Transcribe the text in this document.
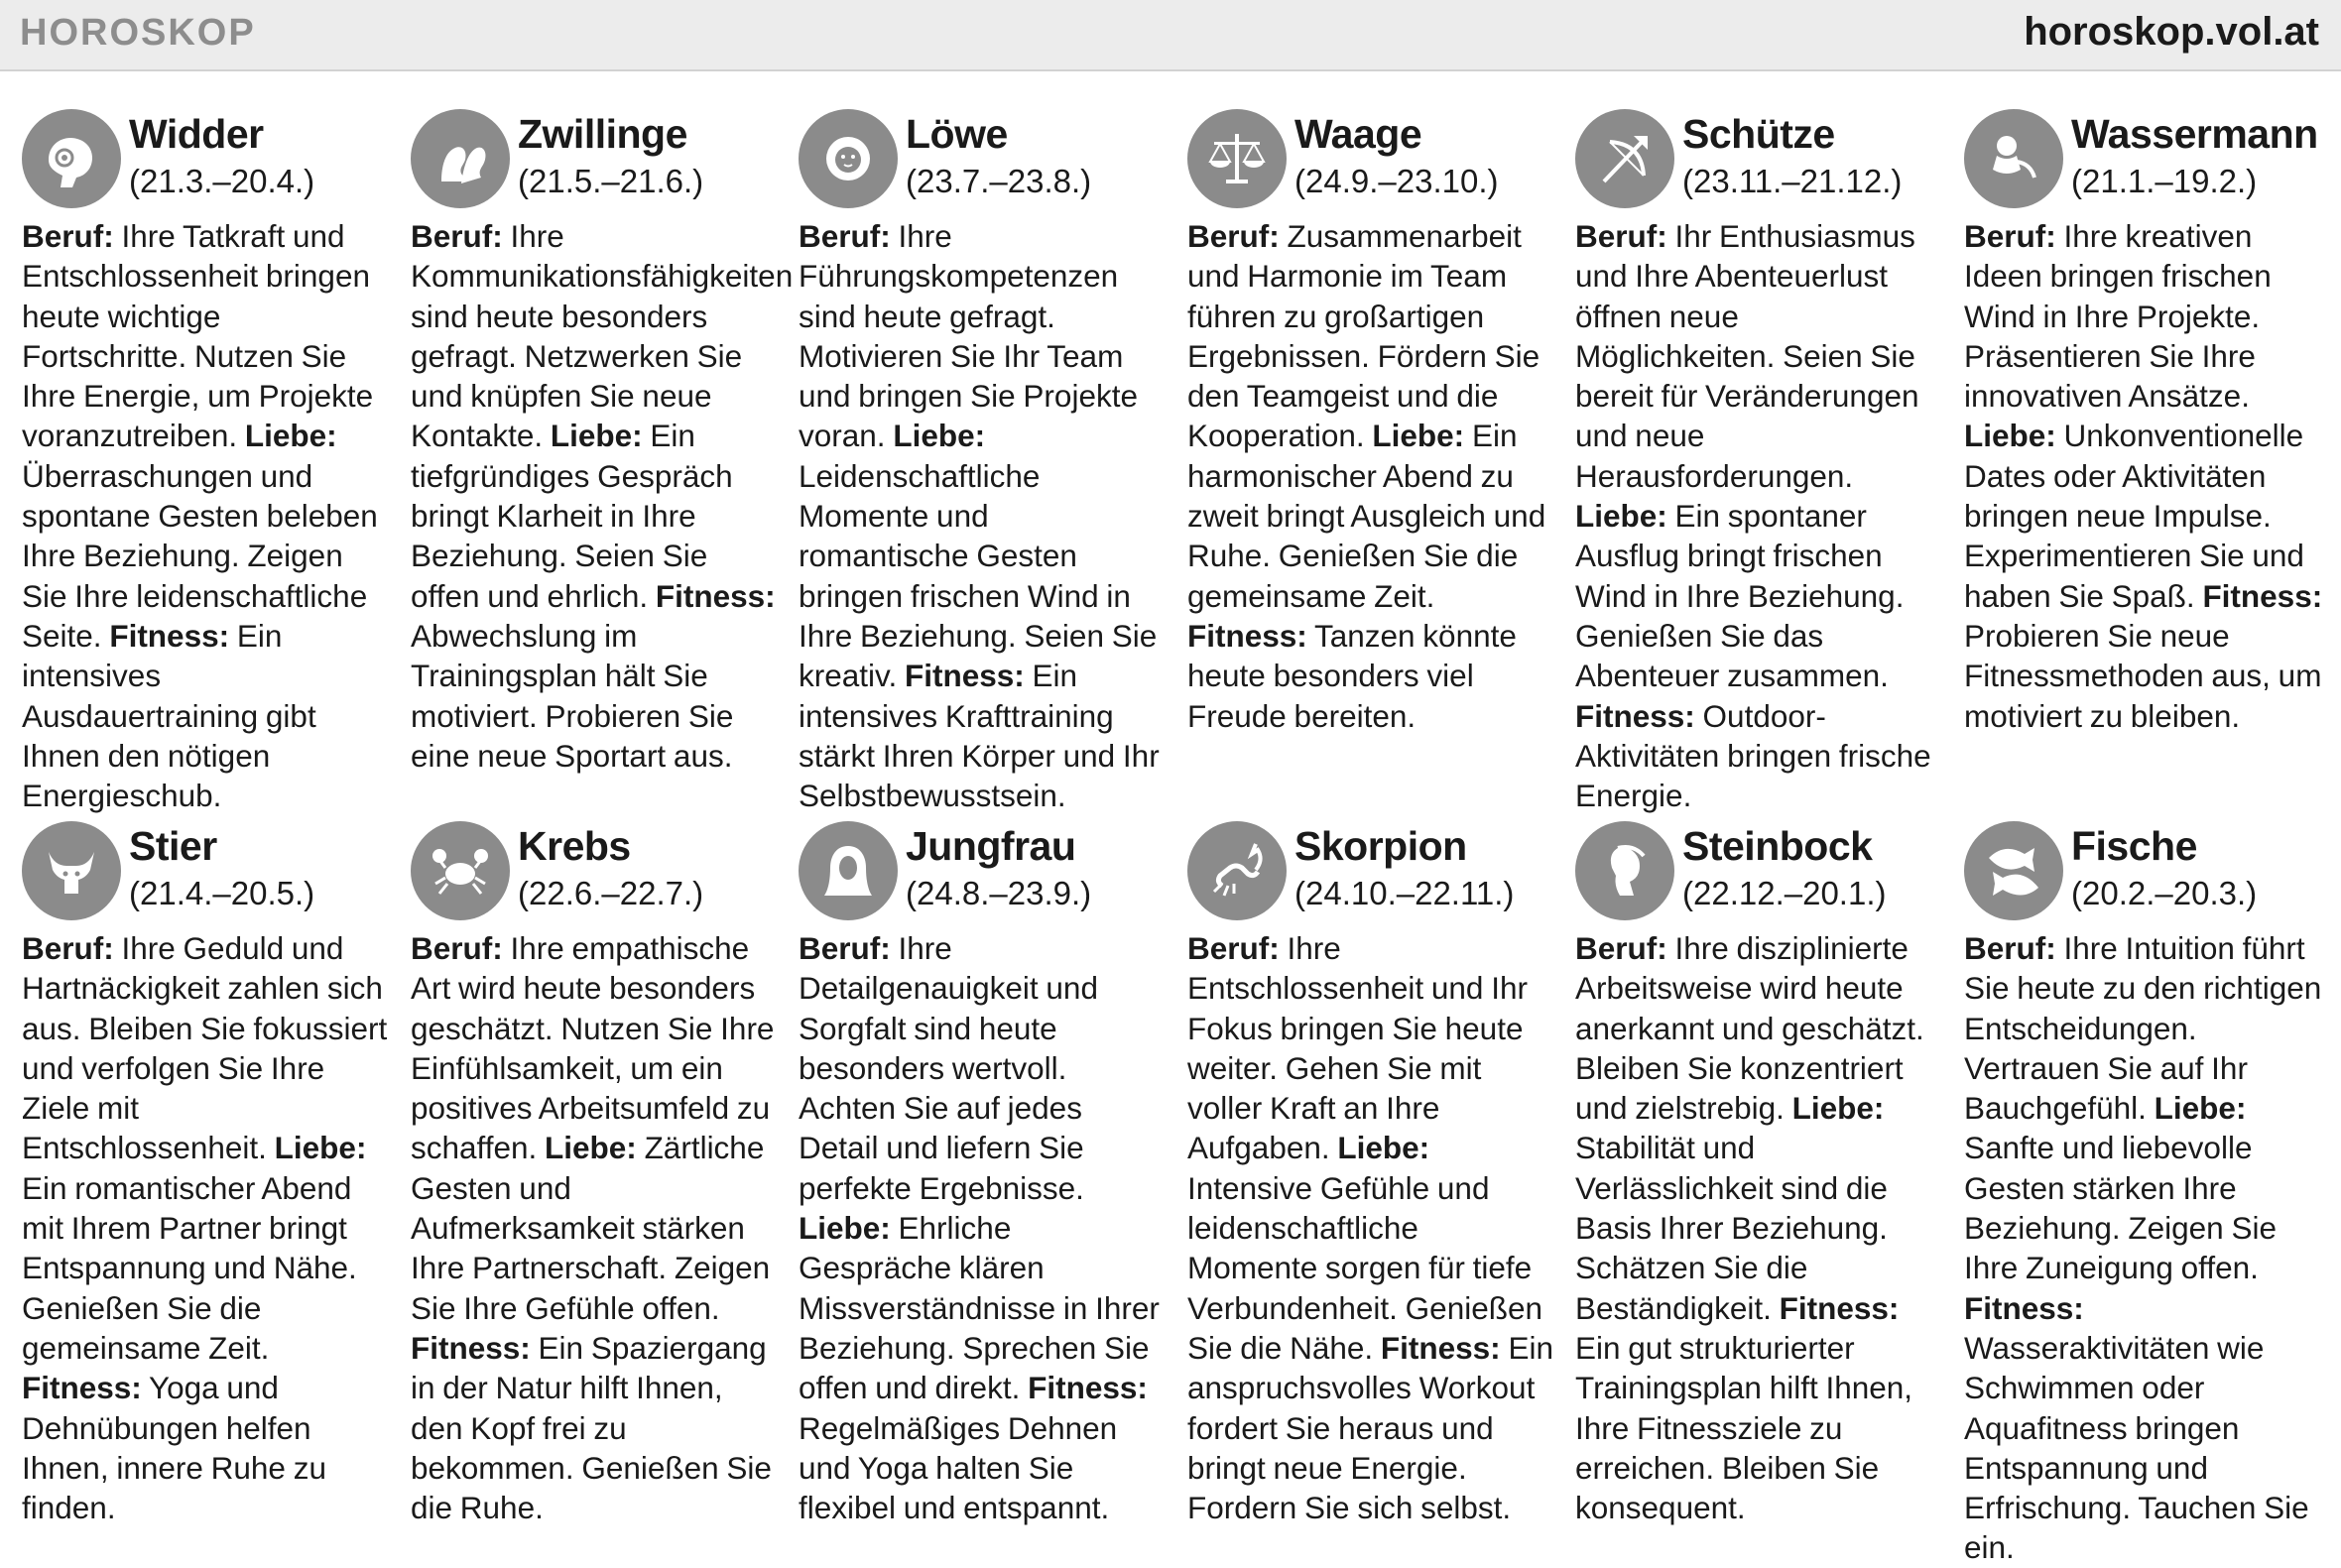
HOROSKOP	horoskop.vol.at
Widder
(21.3.–20.4.)
Beruf: Ihre Tatkraft und Entschlossenheit bringen heute wichtige Fortschritte. Nutzen Sie Ihre Energie, um Projekte voranzutreiben. Liebe: Überraschungen und spontane Gesten beleben Ihre Beziehung. Zeigen Sie Ihre leidenschaftliche Seite. Fitness: Ein intensives Ausdauertraining gibt Ihnen den nötigen Energieschub.
Zwillinge
(21.5.–21.6.)
Beruf: Ihre Kommunikationsfähigkeiten sind heute besonders gefragt. Netzwerken Sie und knüpfen Sie neue Kontakte. Liebe: Ein tiefgründiges Gespräch bringt Klarheit in Ihre Beziehung. Seien Sie offen und ehrlich. Fitness: Abwechslung im Trainingsplan hält Sie motiviert. Probieren Sie eine neue Sportart aus.
Löwe
(23.7.–23.8.)
Beruf: Ihre Führungskompetenzen sind heute gefragt. Motivieren Sie Ihr Team und bringen Sie Projekte voran. Liebe: Leidenschaftliche Momente und romantische Gesten bringen frischen Wind in Ihre Beziehung. Seien Sie kreativ. Fitness: Ein intensives Krafttraining stärkt Ihren Körper und Ihr Selbstbewusstsein.
Waage
(24.9.–23.10.)
Beruf: Zusammenarbeit und Harmonie im Team führen zu großartigen Ergebnissen. Fördern Sie den Teamgeist und die Kooperation. Liebe: Ein harmonischer Abend zu zweit bringt Ausgleich und Ruhe. Genießen Sie die gemeinsame Zeit. Fitness: Tanzen könnte heute besonders viel Freude bereiten.
Schütze
(23.11.–21.12.)
Beruf: Ihr Enthusiasmus und Ihre Abenteuerlust öffnen neue Möglichkeiten. Seien Sie bereit für Veränderungen und neue Herausforderungen. Liebe: Ein spontaner Ausflug bringt frischen Wind in Ihre Beziehung. Genießen Sie das Abenteuer zusammen. Fitness: Outdoor-Aktivitäten bringen frische Energie.
Wassermann
(21.1.–19.2.)
Beruf: Ihre kreativen Ideen bringen frischen Wind in Ihre Projekte. Präsentieren Sie Ihre innovativen Ansätze. Liebe: Unkonventionelle Dates oder Aktivitäten bringen neue Impulse. Experimentieren Sie und haben Sie Spaß. Fitness: Probieren Sie neue Fitnessmethoden aus, um motiviert zu bleiben.
Stier
(21.4.–20.5.)
Beruf: Ihre Geduld und Hartnäckigkeit zahlen sich aus. Bleiben Sie fokussiert und verfolgen Sie Ihre Ziele mit Entschlossenheit. Liebe: Ein romantischer Abend mit Ihrem Partner bringt Entspannung und Nähe. Genießen Sie die gemeinsame Zeit. Fitness: Yoga und Dehnübungen helfen Ihnen, innere Ruhe zu finden.
Krebs
(22.6.–22.7.)
Beruf: Ihre empathische Art wird heute besonders geschätzt. Nutzen Sie Ihre Einfühlsamkeit, um ein positives Arbeitsumfeld zu schaffen. Liebe: Zärtliche Gesten und Aufmerksamkeit stärken Ihre Partnerschaft. Zeigen Sie Ihre Gefühle offen. Fitness: Ein Spaziergang in der Natur hilft Ihnen, den Kopf frei zu bekommen. Genießen Sie die Ruhe.
Jungfrau
(24.8.–23.9.)
Beruf: Ihre Detailgenauigkeit und Sorgfalt sind heute besonders wertvoll. Achten Sie auf jedes Detail und liefern Sie perfekte Ergebnisse. Liebe: Ehrliche Gespräche klären Missverständnisse in Ihrer Beziehung. Sprechen Sie offen und direkt. Fitness: Regelmäßiges Dehnen und Yoga halten Sie flexibel und entspannt.
Skorpion
(24.10.–22.11.)
Beruf: Ihre Entschlossenheit und Ihr Fokus bringen Sie heute weiter. Gehen Sie mit voller Kraft an Ihre Aufgaben. Liebe: Intensive Gefühle und leidenschaftliche Momente sorgen für tiefe Verbundenheit. Genießen Sie die Nähe. Fitness: Ein anspruchsvolles Workout fordert Sie heraus und bringt neue Energie. Fordern Sie sich selbst.
Steinbock
(22.12.–20.1.)
Beruf: Ihre disziplinierte Arbeitsweise wird heute anerkannt und geschätzt. Bleiben Sie konzentriert und zielstrebig. Liebe: Stabilität und Verlässlichkeit sind die Basis Ihrer Beziehung. Schätzen Sie die Beständigkeit. Fitness: Ein gut strukturierter Trainingsplan hilft Ihnen, Ihre Fitnessziele zu erreichen. Bleiben Sie konsequent.
Fische
(20.2.–20.3.)
Beruf: Ihre Intuition führt Sie heute zu den richtigen Entscheidungen. Vertrauen Sie auf Ihr Bauchgefühl. Liebe: Sanfte und liebevolle Gesten stärken Ihre Beziehung. Zeigen Sie Ihre Zuneigung offen. Fitness: Wasseraktivitäten wie Schwimmen oder Aquafitness bringen Entspannung und Erfrischung. Tauchen Sie ein.
